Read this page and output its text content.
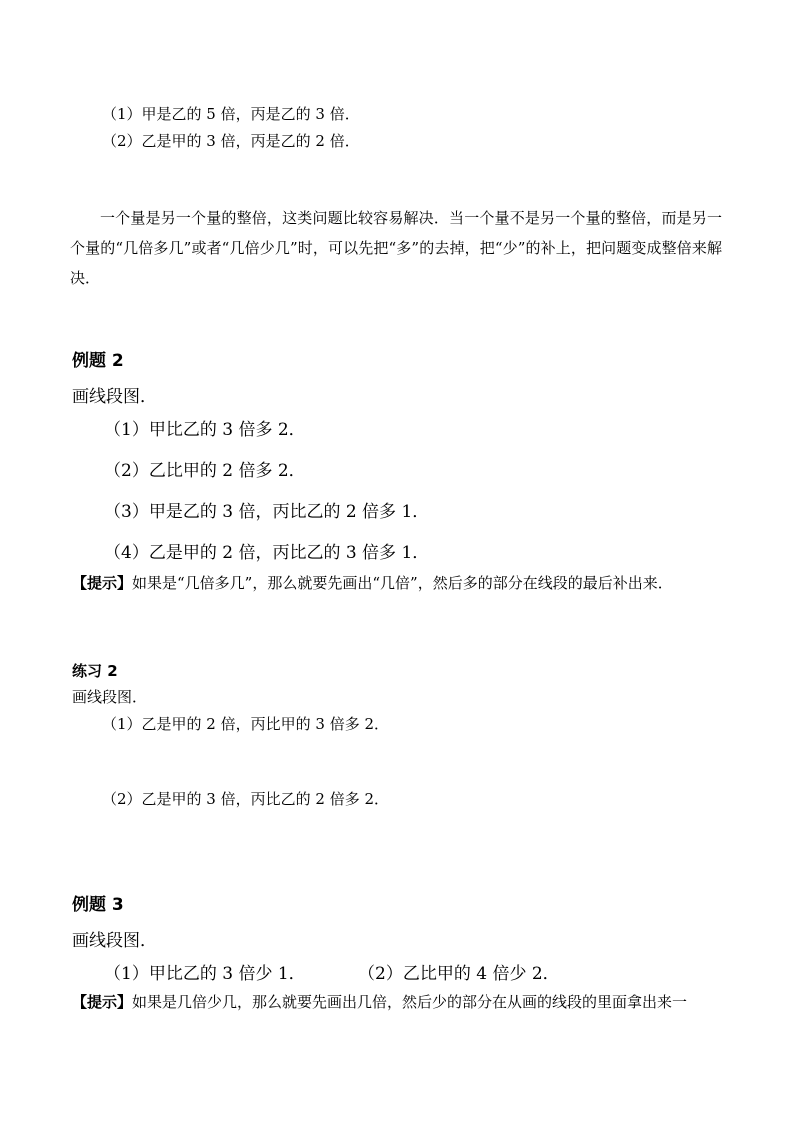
（1）甲是乙的 5 倍，丙是乙的 3 倍．
（2）乙是甲的 3 倍，丙是乙的 2 倍．
一个量是另一个量的整倍，这类问题比较容易解决．当一个量不是另一个量的整倍，而是另一个量的“几倍多几”或者“几倍少几”时，可以先把“多”的去掉，把“少”的补上，把问题变成整倍来解决．
例题 2
画线段图．
（1）甲比乙的 3 倍多 2．
（2）乙比甲的 2 倍多 2．
（3）甲是乙的 3 倍，丙比乙的 2 倍多 1．
（4）乙是甲的 2 倍，丙比乙的 3 倍多 1．
【提示】如果是“几倍多几”，那么就要先画出“几倍”，然后多的部分在线段的最后补出来．
练习 2
画线段图．
（1）乙是甲的 2 倍，丙比甲的 3 倍多 2．
（2）乙是甲的 3 倍，丙比乙的 2 倍多 2．
例题 3
画线段图．
（1）甲比乙的 3 倍少 1．	（2）乙比甲的 4 倍少 2．
【提示】如果是几倍少几，那么就要先画出几倍，然后少的部分在从画的线段的里面拿出来一
